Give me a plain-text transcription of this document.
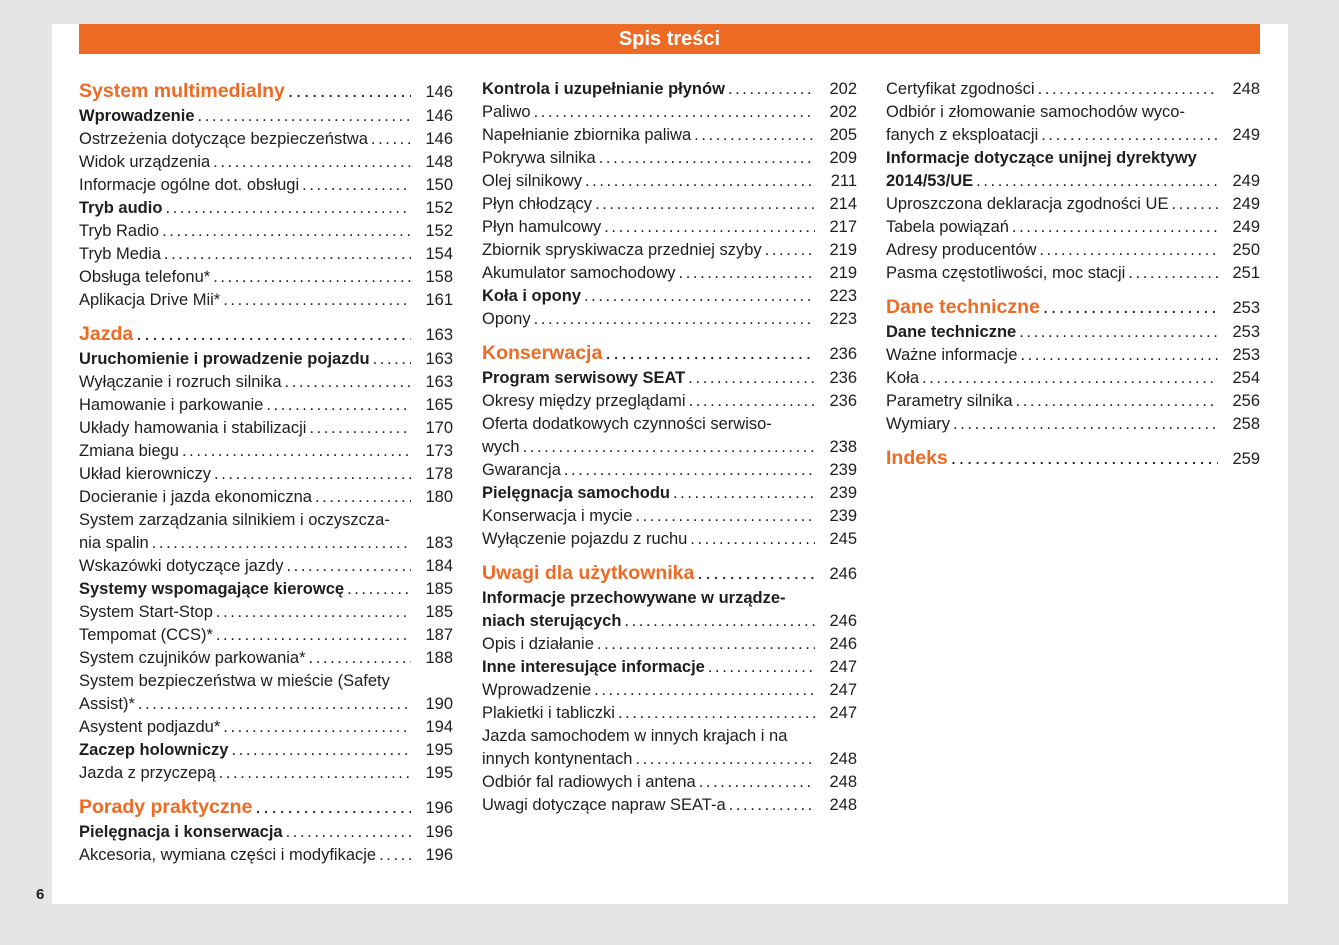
Spis treści
System multimedialny .....	146
Wprowadzenie .....	146
Ostrzeżenia dotyczące bezpieczeństwa .....	146
Widok urządzenia .....	148
Informacje ogólne dot. obsługi .....	150
Tryb audio .....	152
Tryb Radio .....	152
Tryb Media .....	154
Obsługa telefonu* .....	158
Aplikacja Drive Mii* .....	161
Jazda .....	163
Uruchomienie i prowadzenie pojazdu .....	163
Wyłączanie i rozruch silnika .....	163
Hamowanie i parkowanie .....	165
Układy hamowania i stabilizacji .....	170
Zmiana biegu .....	173
Układ kierowniczy .....	178
Docieranie i jazda ekonomiczna .....	180
System zarządzania silnikiem i oczyszcza-
nia spalin .....	183
Wskazówki dotyczące jazdy .....	184
Systemy wspomagające kierowcę .....	185
System Start-Stop .....	185
Tempomat (CCS)* .....	187
System czujników parkowania* .....	188
System bezpieczeństwa w mieście (Safety
Assist)* .....	190
Asystent podjazdu* .....	194
Zaczep holowniczy .....	195
Jazda z przyczepą .....	195
Porady praktyczne .....	196
Pielęgnacja i konserwacja .....	196
Akcesoria, wymiana części i modyfikacje .....	196
Kontrola i uzupełnianie płynów .....	202
Paliwo .....	202
Napełnianie zbiornika paliwa .....	205
Pokrywa silnika .....	209
Olej silnikowy .....	211
Płyn chłodzący .....	214
Płyn hamulcowy .....	217
Zbiornik spryskiwacza przedniej szyby .....	219
Akumulator samochodowy .....	219
Koła i opony .....	223
Opony .....	223
Konserwacja .....	236
Program serwisowy SEAT .....	236
Okresy między przeglądami .....	236
Oferta dodatkowych czynności serwiso-
wych .....	238
Gwarancja .....	239
Pielęgnacja samochodu .....	239
Konserwacja i mycie .....	239
Wyłączenie pojazdu z ruchu .....	245
Uwagi dla użytkownika .....	246
Informacje przechowywane w urządze-
niach sterujących .....	246
Opis i działanie .....	246
Inne interesujące informacje .....	247
Wprowadzenie .....	247
Plakietki i tabliczki .....	247
Jazda samochodem w innych krajach i na
innych kontynentach .....	248
Odbiór fal radiowych i antena .....	248
Uwagi dotyczące napraw SEAT-a .....	248
Certyfikat zgodności .....	248
Odbiór i złomowanie samochodów wyco-
fanych z eksploatacji .....	249
Informacje dotyczące unijnej dyrektywy
2014/53/UE .....	249
Uproszczona deklaracja zgodności UE .....	249
Tabela powiązań .....	249
Adresy producentów .....	250
Pasma częstotliwości, moc stacji .....	251
Dane techniczne .....	253
Dane techniczne .....	253
Ważne informacje .....	253
Koła .....	254
Parametry silnika .....	256
Wymiary .....	258
Indeks .....	259
6
